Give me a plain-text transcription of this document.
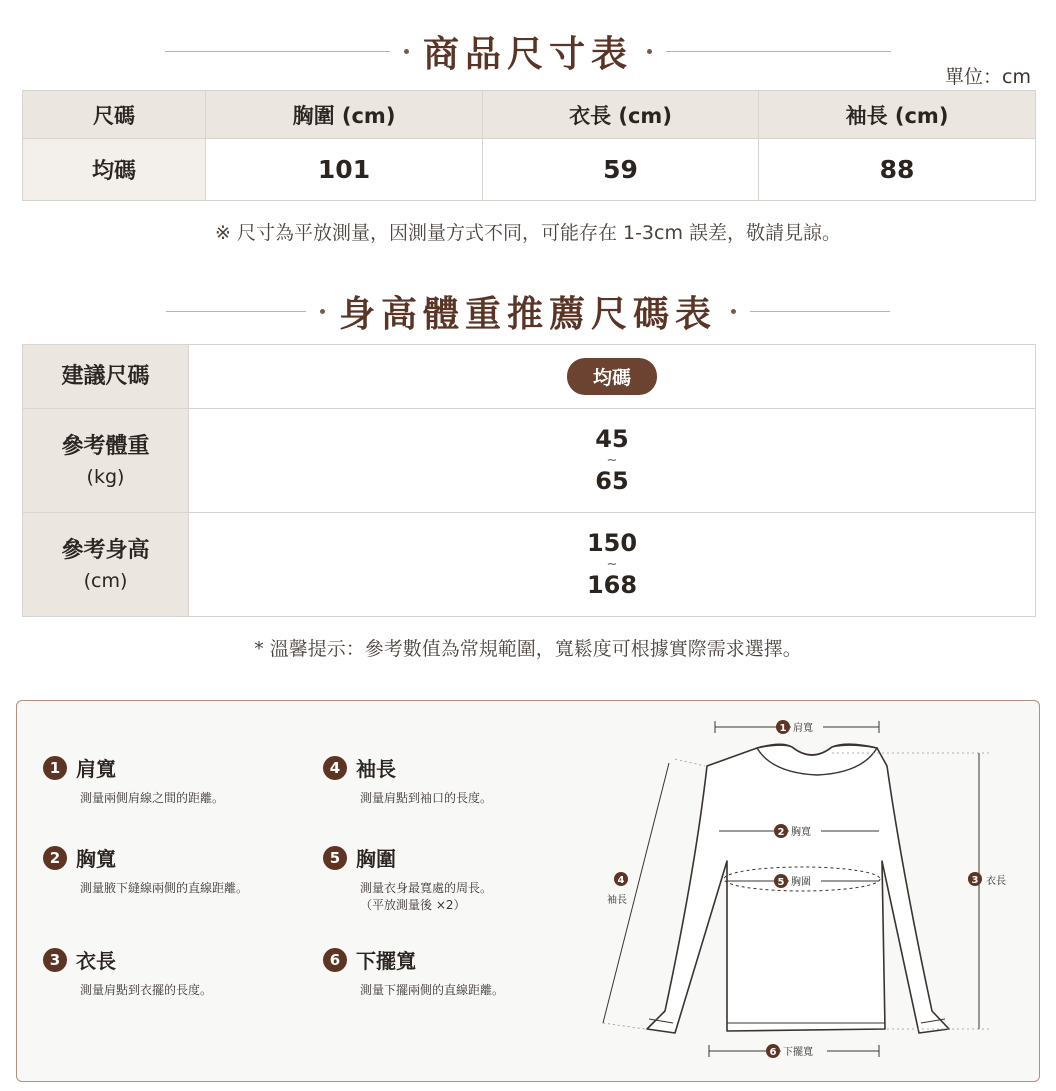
商品尺寸表
單位：cm
尺碼	胸圍 (cm)	衣長 (cm)	袖長 (cm)
均碼	101	59	88
※ 尺寸為平放測量，因測量方式不同，可能存在 1-3cm 誤差，敬請見諒。
身高體重推薦尺碼表
建議尺碼	均碼
參考體重
(kg)	45
~
65
參考身高
(cm)	150
~
168
* 溫馨提示：參考數值為常規範圍，寬鬆度可根據實際需求選擇。
1 肩寬
測量兩側肩線之間的距離。
2 胸寬
測量腋下縫線兩側的直線距離。
3 衣長
測量肩點到衣擺的長度。
4 袖長
測量肩點到袖口的長度。
5 胸圍
測量衣身最寬處的周長。
（平放測量後 ×2）
6 下擺寬
測量下擺兩側的直線距離。
1 肩寬
2 胸寬
5 胸圍	3 衣長
4
袖長
6 下擺寬
